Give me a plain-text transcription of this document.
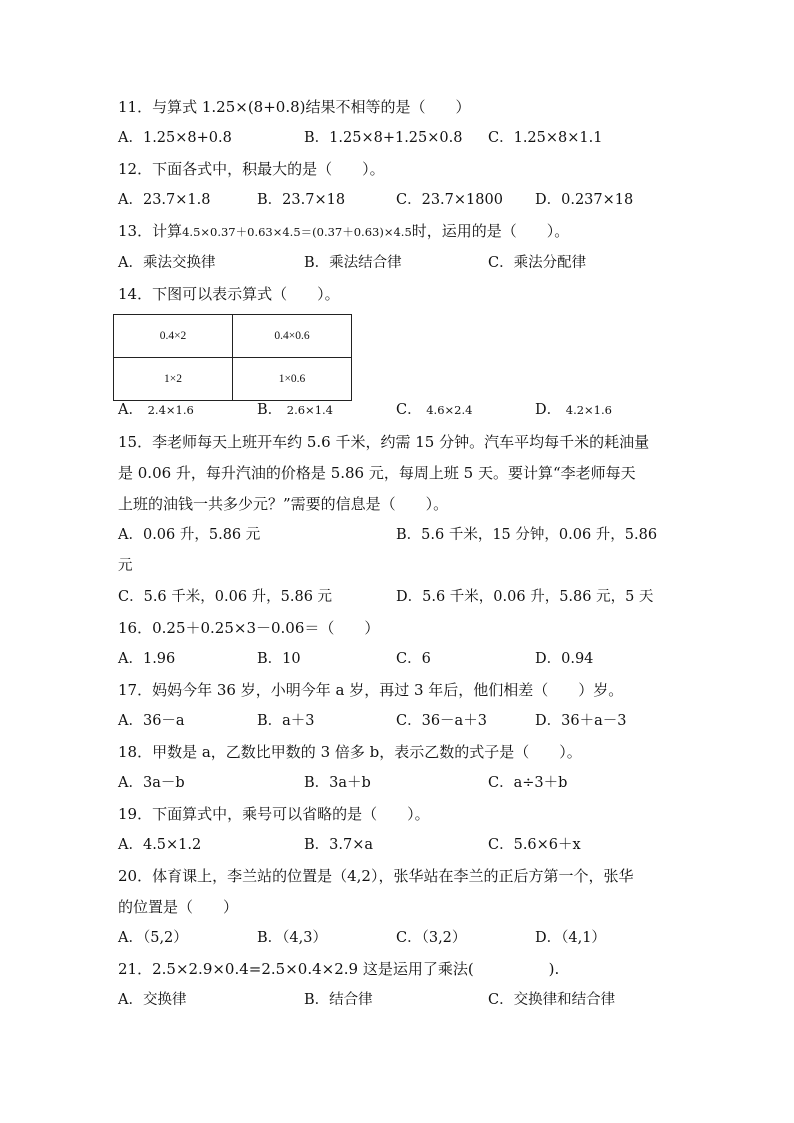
11．与算式 1.25×(8+0.8)结果不相等的是（　　）
A．1.25×8+0.8	B．1.25×8+1.25×0.8 C．1.25×8×1.1
12．下面各式中，积最大的是（　　）。
A．23.7×1.8	B．23.7×18	C．23.7×1800 D．0.237×18
13．计算4.5×0.37＋0.63×4.5＝(0.37＋0.63)×4.5时，运用的是（　　）。
A．乘法交换律	B．乘法结合律	C．乘法分配律
14．下图可以表示算式（　　）。
0.4×2	0.4×0.6
1×2	1×0.6
A． 2.4×1.6	B． 2.6×1.4	C． 4.6×2.4	D． 4.2×1.6
15．李老师每天上班开车约 5.6 千米，约需 15 分钟。汽车平均每千米的耗油量
是 0.06 升，每升汽油的价格是 5.86 元，每周上班 5 天。要计算“李老师每天
上班的油钱一共多少元？”需要的信息是（　　）。
A．0.06 升，5.86 元	B．5.6 千米，15 分钟，0.06 升，5.86
元
C．5.6 千米，0.06 升，5.86 元	D．5.6 千米，0.06 升，5.86 元，5 天
16．0.25＋0.25×3－0.06＝（　　）
A．1.96	B．10	C．6	D．0.94
17．妈妈今年 36 岁，小明今年 a 岁，再过 3 年后，他们相差（　　）岁。
A．36－a	B．a＋3	C．36－a＋3	D．36＋a－3
18．甲数是 a，乙数比甲数的 3 倍多 b，表示乙数的式子是（　　）。
A．3a－b	B．3a＋b	C．a÷3＋b
19．下面算式中，乘号可以省略的是（　　）。
A．4.5×1.2	B．3.7×a	C．5.6×6＋x
20．体育课上，李兰站的位置是（4,2），张华站在李兰的正后方第一个，张华
的位置是（　　）
A．（5,2）	B．（4,3）	C．（3,2）	D．（4,1）
21．2.5×2.9×0.4=2.5×0.4×2.9 这是运用了乘法(　　　　　).
A．交换律	B．结合律	C．交换律和结合律
